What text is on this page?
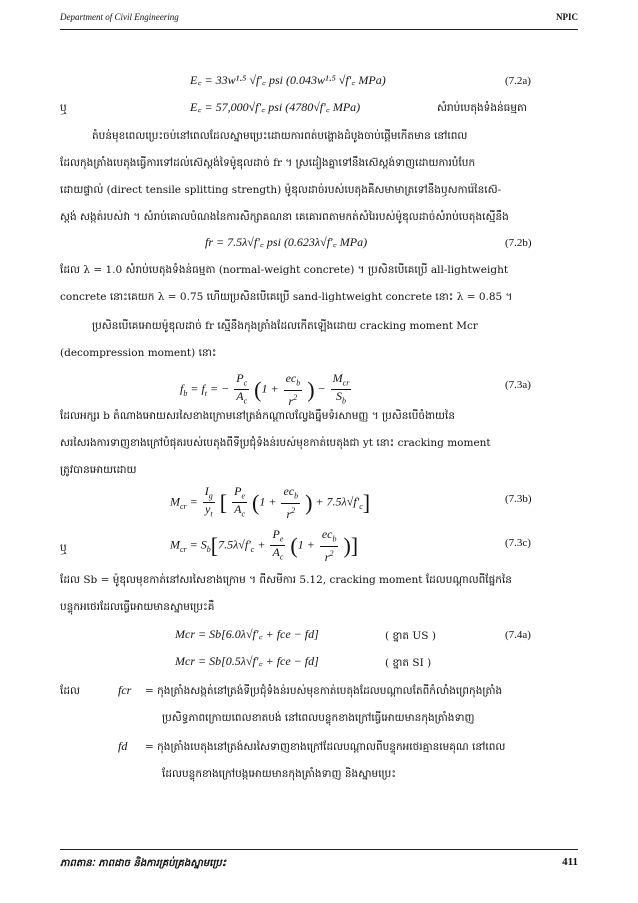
Department of Civil Engineering	NPIC
E꜀ = 33w¹·⁵ √f'꜀ psi (0.043w¹·⁵ √f'꜀ MPa)	(7.2a)
ឬ	E꜀ = 57,000√f'꜀ psi (4780√f'꜀ MPa)	សំរាប់បេតុងទំងន់ធម្មតា
តំបន់មុខពេលប្រេះចប់នៅពេលដែលស្នាមប្រេះដោយការពត់បង្ហោងដំបូងចាប់ផ្តើមកើតមាន នៅពេល
ដែលកុងត្រាំងបេតុងធ្វើការទៅដល់ស៊េស្តង់ទៃម៉ូឌុលដាច់ fr ។ ស្រដៀងគ្នាទៅនឹងស៊េស្តង់ទាញដោយការបំបែក
ដោយផ្ទាល់ (direct tensile splitting strength) ម៉ូឌុលដាច់របស់បេតុងគឺសមាមាត្រទៅនឹងឫសការ៉េនៃស៊េ-
ស្តង់ សង្កត់របស់វា ។ សំរាប់គោលបំណងនៃការសិក្សាគណនា គេគោរពតាមកត់សំរៃរបស់ម៉ូឌុលដាច់សំរាប់បេតុងស្មើនឹង
fr = 7.5λ√f'꜀ psi (0.623λ√f'꜀ MPa)	(7.2b)
ដែល λ = 1.0 សំរាប់បេតុងទំងន់ធម្មតា (normal-weight concrete) ។ ប្រសិនបើគេប្រើ all-lightweight
concrete នោះគេយក λ = 0.75 ហើយប្រសិនបើគេប្រើ sand-lightweight concrete នោះ λ = 0.85 ។
ប្រសិនបើគេអោយម៉ូឌុលដាច់ fr ស្មើនឹងកុងត្រាំងដែលកើតឡើងដោយ cracking moment Mcr
(decompression moment) នោះ
$f_b = f_t$ = − $\frac{P_c}{A_c} (1 + \frac{ec_b}{r^2}$ ) − $\frac{M_{cr}}{S_b}$	(7.3a)
ដែលអក្សរ b តំណាងអោយសរសៃខាងក្រោមនៅត្រង់កណ្តាលល្វែងធ្នឹមទំរសាមញ្ញ ។ ប្រសិនបើចំងាយនៃ
សរសៃរងការទាញខាងក្រៅបំផុតរបស់បេតុងពីទីប្រជុំទំងន់របស់មុខកាត់បេតុងជា yt នោះ cracking moment
ត្រូវបានអោយដោយ
$M_{cr} = \frac{I_g}{y_t}$ [ $\frac{P_e}{A_c} (1 + \frac{ec_b}{r^2}$ ) + $7.5\lambda√f'_c$]	(7.3b)
ឬ	$M_{cr} = S_b[7.5\lambda√f'_c + \frac{P_e}{A_c} (1 + \frac{ec_b}{r^2}$ )]	(7.3c)
ដែល Sb = ម៉ូឌុលមុខកាត់នៅសរសៃខាងក្រោម ។ ពីសមីការ 5.12, cracking moment ដែលបណ្តាលពីផ្នែកនៃ
បន្ទុកអថេរដែលធ្វើអោយមានស្នាមប្រេះគឺ
Mcr = Sb[6.0λ√f'꜀ + fce − fd]	( ខ្នាត US )	(7.4a)
Mcr = Sb[0.5λ√f'꜀ + fce − fd]	( ខ្នាត SI )
ដែល	fcr = កុងត្រាំងសង្កត់នៅត្រង់ទីប្រជុំទំងន់របស់មុខកាត់បេតុងដែលបណ្តាលតែពីកំលាំងព្រេកុងត្រាំង
ប្រសិទ្ធភាពក្រោយពេលខាតបង់ នៅពេលបន្ទុកខាងក្រៅធ្វើអោយមានកុងត្រាំងទាញ
fd = កុងត្រាំងបេតុងនៅត្រង់សរសៃទាញខាងក្រៅដែលបណ្តាលពីបន្ទុកអថេរគ្មានមេគុណ នៅពេល
ដែលបន្ទុកខាងក្រៅបង្កអោយមានកុងត្រាំងទាញ និងស្នាមប្រេះ
ភាពតានៈ ភាពដាច និងការគ្រប់គ្រងស្នាមប្រេះ	411
